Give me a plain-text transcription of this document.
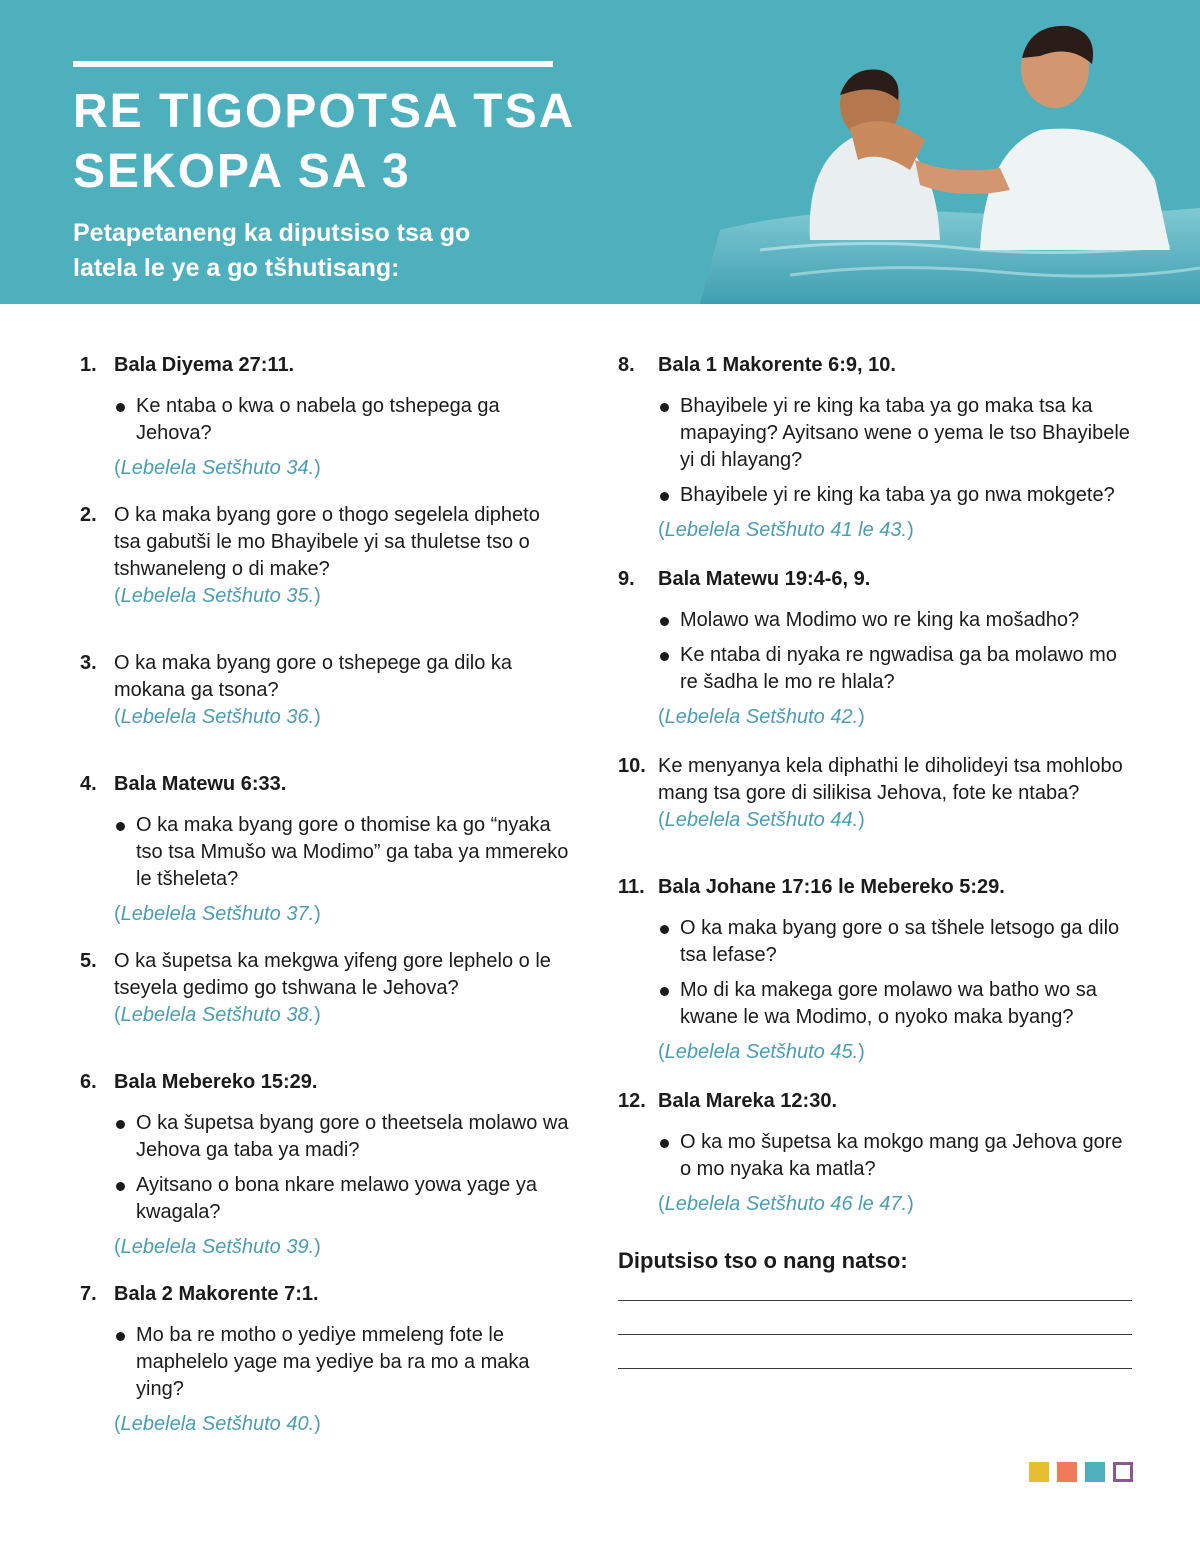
RE TIGOPOTSA TSA
SEKOPA SA 3

Petapetaneng ka diputsiso tsa go
latela le ye a go tšhutisang:

1. Bala Diyema 27:11.
Ke ntaba o kwa o nabela go tshepega ga Jehova?
(Lebelela Setšhuto 34.)
2. O ka maka byang gore o thogo segelela dipheto tsa gabutši le mo Bhayibele yi sa thuletse tso o tshwaneleng o di make?
(Lebelela Setšhuto 35.)
3. O ka maka byang gore o tshepege ga dilo ka mokana ga tsona?
(Lebelela Setšhuto 36.)
4. Bala Matewu 6:33.
O ka maka byang gore o thomise ka go “nyaka tso tsa Mmušo wa Modimo” ga taba ya mmereko le tšheleta?
(Lebelela Setšhuto 37.)
5. O ka šupetsa ka mekgwa yifeng gore lephelo o le tseyela gedimo go tshwana le Jehova?
(Lebelela Setšhuto 38.)
6. Bala Mebereko 15:29.
O ka šupetsa byang gore o theetsela molawo wa Jehova ga taba ya madi?
Ayitsano o bona nkare melawo yowa yage ya kwagala?
(Lebelela Setšhuto 39.)
7. Bala 2 Makorente 7:1.
Mo ba re motho o yediye mmeleng fote le maphelelo yage ma yediye ba ra mo a maka ying?
(Lebelela Setšhuto 40.)
8. Bala 1 Makorente 6:9, 10.
Bhayibele yi re king ka taba ya go maka tsa ka mapaying? Ayitsano wene o yema le tso Bhayibele yi di hlayang?
Bhayibele yi re king ka taba ya go nwa mokgete?
(Lebelela Setšhuto 41 le 43.)
9. Bala Matewu 19:4-6, 9.
Molawo wa Modimo wo re king ka mošadho?
Ke ntaba di nyaka re ngwadisa ga ba molawo mo re šadha le mo re hlala?
(Lebelela Setšhuto 42.)
10. Ke menyanya kela diphathi le diholideyi tsa mohlobo mang tsa gore di silikisa Jehova, fote ke ntaba?
(Lebelela Setšhuto 44.)
11. Bala Johane 17:16 le Mebereko 5:29.
O ka maka byang gore o sa tšhele letsogo ga dilo tsa lefase?
Mo di ka makega gore molawo wa batho wo sa kwane le wa Modimo, o nyoko maka byang?
(Lebelela Setšhuto 45.)
12. Bala Mareka 12:30.
O ka mo šupetsa ka mokgo mang ga Jehova gore o mo nyaka ka matla?
(Lebelela Setšhuto 46 le 47.)

Diputsiso tso o nang natso:
